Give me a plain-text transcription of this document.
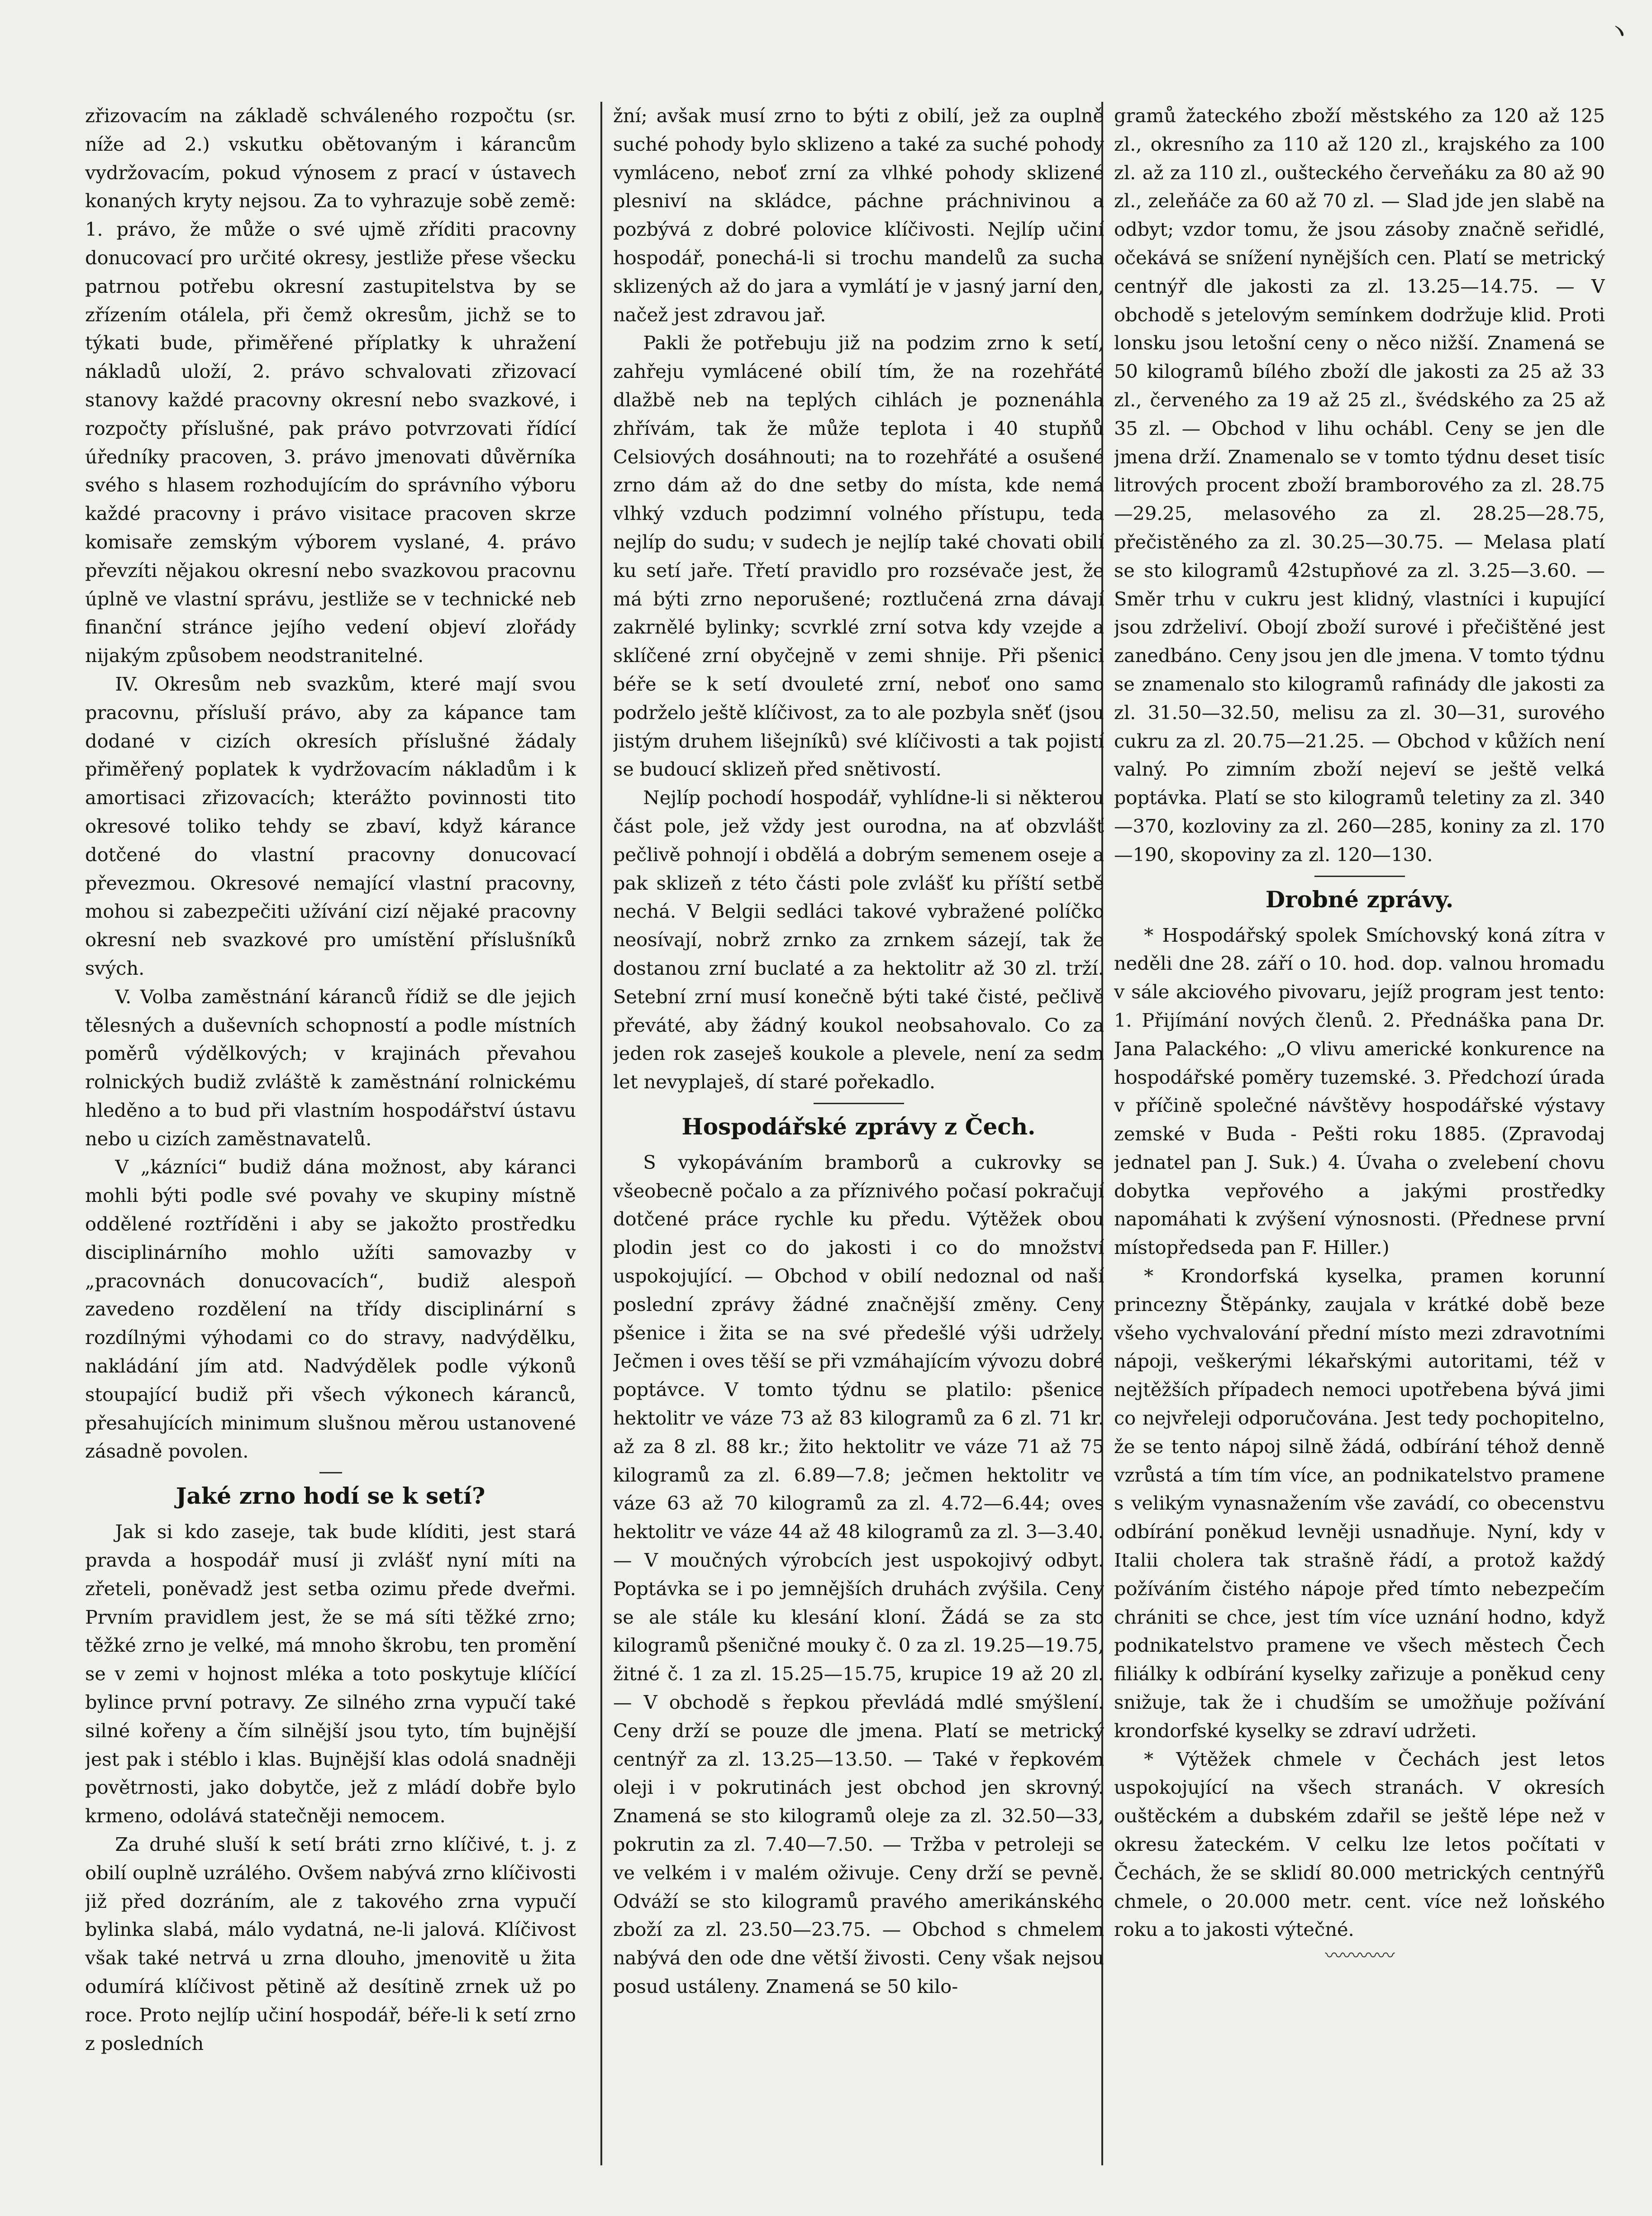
ヽ

zřizovacím na základě schváleného rozpočtu (sr. níže ad 2.) vskutku obětovaným i kárancům vydržovacím, pokud výnosem z prací v ústavech konaných kryty nejsou. Za to vyhrazuje sobě země: 1. právo, že může o své ujmě zříditi pracovny donucovací pro určité okresy, jestliže přese všecku patrnou potřebu okresní zastupitelstva by se zřízením otálela, při čemž okresům, jichž se to týkati bude, přiměřené příplatky k uhražení nákladů uloží, 2. právo schvalovati zřizovací stanovy každé pracovny okresní nebo svazkové, i rozpočty příslušné, pak právo potvrzovati řídící úředníky pracoven, 3. právo jmenovati důvěrníka svého s hlasem rozhodujícím do správního výboru každé pracovny i právo visitace pracoven skrze komisaře zemským výborem vyslané, 4. právo převzíti nějakou okresní nebo svazkovou pracovnu úplně ve vlastní správu, jestliže se v technické neb finanční stránce jejího vedení objeví zlořády nijakým způsobem neodstranitelné.

IV. Okresům neb svazkům, které mají svou pracovnu, přísluší právo, aby za káрance tam dodané v cizích okresích příslušné žádaly přiměřený poplatek k vydržovacím nákladům i k amortisaci zřizovacích; kterážto povinnosti tito okresové toliko tehdy se zbaví, když kárance dotčené do vlastní pracovny donucovací převezmou. Okresové nemající vlastní pracovny, mohou si zabezpečiti užívání cizí nějaké pracovny okresní neb svazkové pro umístění příslušníků svých.

V. Volba zaměstnání káranců řídiž se dle jejich tělesných a duševních schopností a podle místních poměrů výdělkových; v krajinách převahou rolnických budiž zvláště k zaměstnání rolnickému hleděno a to bud při vlastním hospodářství ústavu nebo u cizích zaměstnavatelů.

V „kázníci“ budiž dána možnost, aby káranci mohli býti podle své povahy ve skupiny místně oddělené roztříděni i aby se jakožto prostředku disciplinárního mohlo užíti samovazby v „pracovnách donucovacích“, budiž alespoň zavedeno rozdělení na třídy disciplinární s rozdílnými výhodami co do stravy, nadvýdělku, nakládání jím atd. Nadvýdělek podle výkonů stoupající budiž při všech výkonech káranců, přesahujících minimum slušnou měrou ustanovené zásadně povolen.

Jaké zrno hodí se k setí?

Jak si kdo zaseje, tak bude klíditi, jest stará pravda a hospodář musí ji zvlášť nyní míti na zřeteli, poněvadž jest setba ozimu přede dveřmi. Prvním pravidlem jest, že se má síti těžké zrno; těžké zrno je velké, má mnoho škrobu, ten promění se v zemi v hojnost mléka a toto poskytuje klíčící bylince první potravy. Ze silného zrna vypučí také silné kořeny a čím silnější jsou tyto, tím bujnější jest pak i stéblo i klas. Bujnější klas odolá snadněji povětrnosti, jako dobytče, jež z mládí dobře bylo krmeno, odolává statečněji nemocem.

Za druhé sluší k setí bráti zrno klíčivé, t. j. z obilí ouplně uzrálého. Ovšem nabývá zrno klíčivosti již před dozráním, ale z takového zrna vypučí bylinka slabá, málo vydatná, ne-li jalová. Klíčivost však také netrvá u zrna dlouho, jmenovitě u žita odumírá klíčivost pětině až desítině zrnek už po roce. Proto nejlíp učiní hospodář, béře-li k setí zrno z posledních

žní; avšak musí zrno to býti z obilí, jež za ouplně suché pohody bylo sklizeno a také za suché pohody vymláceno, neboť zrní za vlhké pohody sklizené plesniví na skládce, páchne práchnivinou a pozbývá z dobré polovice klíčivosti. Nejlíp učiní hospodář, ponechá-li si trochu mandelů za sucha sklizených až do jara a vymlátí je v jasný jarní den, načež jest zdravou jař.

Pakli že potřebuju již na podzim zrno k setí, zahřeju vymlácené obilí tím, že na rozehřáté dlažbě neb na teplých cihlách je poznenáhla zhřívám, tak že může teplota i 40 stupňů Celsiových dosáhnouti; na to rozehřáté a osušené zrno dám až do dne setby do místa, kde nemá vlhký vzduch podzimní volného přístupu, teda nejlíp do sudu; v sudech je nejlíp také chovati obilí ku setí jaře. Třetí pravidlo pro rozsévače jest, že má býti zrno neporušené; roztlučená zrna dávají zakrnělé bylinky; scvrklé zrní sotva kdy vzejde a sklíčené zrní obyčejně v zemi shnije. Při pšenici béře se k setí dvouleté zrní, neboť ono samo podrželo ještě klíčivost, za to ale pozbyla sněť (jsou jistým druhem lišejníků) své klíčivosti a tak pojistí se budoucí sklizeň před snětivostí.

Nejlíp pochodí hospodář, vyhlídne-li si některou část pole, jež vždy jest ourodna, na ať obzvlášť pečlivě pohnojí i obdělá a dobrým semenem oseje a pak sklizeň z této části pole zvlášť ku příští setbě nechá. V Belgii sedláci takové vybražené políčko neosívají, nobrž zrnko za zrnkem sázejí, tak že dostanou zrní buclaté a za hektolitr až 30 zl. trží. Setební zrní musí konečně býti také čisté, pečlivě převáté, aby žádný koukol neobsahovalo. Co za jeden rok zaseješ koukole a plevele, není za sedm let nevyplaješ, dí staré pořekadlo.

Hospodářské zprávy z Čech.

S vykopáváním bramborů a cukrovky se všeobecně počalo a za příznivého počasí pokračují dotčené práce rychle ku předu. Výtěžek obou plodin jest co do jakosti i co do množství uspokojující. — Obchod v obilí nedoznal od naší poslední zprávy žádné značnější změny. Ceny pšenice i žita se na své předešlé výši udržely. Ječmen i oves těší se při vzmáhajícím vývozu dobré poptávce. V tomto týdnu se platilo: pšenice hektolitr ve váze 73 až 83 kilogramů za 6 zl. 71 kr. až za 8 zl. 88 kr.; žito hektolitr ve váze 71 až 75 kilogramů za zl. 6.89—7.8; ječmen hektolitr ve váze 63 až 70 kilogramů za zl. 4.72—6.44; oves hektolitr ve váze 44 až 48 kilogramů za zl. 3—3.40. — V moučných výrobcích jest uspokojivý odbyt. Poptávka se i po jemnějších druhách zvýšila. Ceny se ale stále ku klesání kloní. Žádá se za sto kilogramů pšeničné mouky č. 0 za zl. 19.25—19.75, žitné č. 1 za zl. 15.25—15.75, krupice 19 až 20 zl. — V obchodě s řepkou převládá mdlé smýšlení. Ceny drží se pouze dle jmena. Platí se metrický centnýř za zl. 13.25—13.50. — Také v řepkovém oleji i v pokrutinách jest obchod jen skrovný. Znamená se sto kilogramů oleje za zl. 32.50—33, pokrutin za zl. 7.40—7.50. — Tržba v petroleji se ve velkém i v malém oživuje. Ceny drží se pevně. Odváží se sto kilogramů pravého amerikánského zboží za zl. 23.50—23.75. — Obchod s chmelem nabývá den ode dne větší živosti. Ceny však nejsou posud ustáleny. Znamená se 50 kilo-

gramů žateckého zboží městského za 120 až 125 zl., okresního za 110 až 120 zl., krajského za 100 zl. až za 110 zl., oušteckého červeňáku za 80 až 90 zl., zeleňáče za 60 až 70 zl. — Slad jde jen slabě na odbyt; vzdor tomu, že jsou zásoby značně seřidlé, očekává se snížení nynějších cen. Platí se metrický centnýř dle jakosti za zl. 13.25—14.75. — V obchodě s jetelovým semínkem dodržuje klid. Proti lonsku jsou letošní ceny o něco nižší. Znamená se 50 kilogramů bílého zboží dle jakosti za 25 až 33 zl., červeného za 19 až 25 zl., švédského za 25 až 35 zl. — Obchod v lihu ochábl. Ceny se jen dle jmena drží. Znamenalo se v tomto týdnu deset tisíc litrových procent zboží bramborového za zl. 28.75—29.25, melasového za zl. 28.25—28.75, přečistěného za zl. 30.25—30.75. — Melasa platí se sto kilogramů 42stupňové za zl. 3.25—3.60. — Směr trhu v cukru jest klidný, vlastníci i kupující jsou zdrželiví. Obojí zboží surové i přečištěné jest zanedbáno. Ceny jsou jen dle jmena. V tomto týdnu se znamenalo sto kilogramů rafinády dle jakosti za zl. 31.50—32.50, melisu za zl. 30—31, surového cukru za zl. 20.75—21.25. — Obchod v kůžích není valný. Po zimním zboží nejeví se ještě velká poptávka. Platí se sto kilogramů teletiny za zl. 340—370, kozloviny za zl. 260—285, koniny za zl. 170—190, skopoviny za zl. 120—130.

Drobné zprávy.

* Hospodářský spolek Smíchovský koná zítra v neděli dne 28. září o 10. hod. dop. valnou hromadu v sále akciového pivovaru, jejíž program jest tento: 1. Přijímání nových členů. 2. Přednáška pana Dr. Jana Palackého: „O vlivu americké konkurence na hospodářské poměry tuzemské. 3. Předchozí úrada v příčině společné návštěvy hospodářské výstavy zemské v Buda - Pešti roku 1885. (Zpravodaj jednatel pan J. Suk.) 4. Úvaha o zvelebení chovu dobytka vepřového a jakými prostředky napomáhati k zvýšení výnosnosti. (Přednese první místopředseda pan F. Hiller.)

* Krondorfská kyselka, pramen korunní princezny Štěpánky, zaujala v krátké době beze všeho vychvalování přední místo mezi zdravotními nápoji, veškerými lékařskými autoritami, též v nejtěžších případech nemoci upotřebena bývá jimi co nejvřeleji odporučována. Jest tedy pochopitelno, že se tento nápoj silně žádá, odbírání téhož denně vzrůstá a tím tím více, an podnikatelstvo pramene s velikým vynasnažením vše zavádí, co obecenstvu odbírání poněkud levněji usnadňuje. Nyní, kdy v Italii cholera tak strašně řádí, a protož každý požíváním čistého nápoje před tímto nebezpečím chrániti se chce, jest tím více uznání hodno, když podnikatelstvo pramene ve všech městech Čech filiálky k odbírání kyselky zařizuje a poněkud ceny snižuje, tak že i chudším se umožňuje požívání krondorfské kyselky se zdraví udržeti.

* Výtěžek chmele v Čechách jest letos uspokojující na všech stranách. V okresích ouštěckém a dubském zdařil se ještě lépe než v okresu žateckém. V celku lze letos počítati v Čechách, že se sklidí 80.000 metrických centnýřů chmele, o 20.000 metr. cent. více než loňského roku a to jakosti výtečné.

〰〰〰〰
